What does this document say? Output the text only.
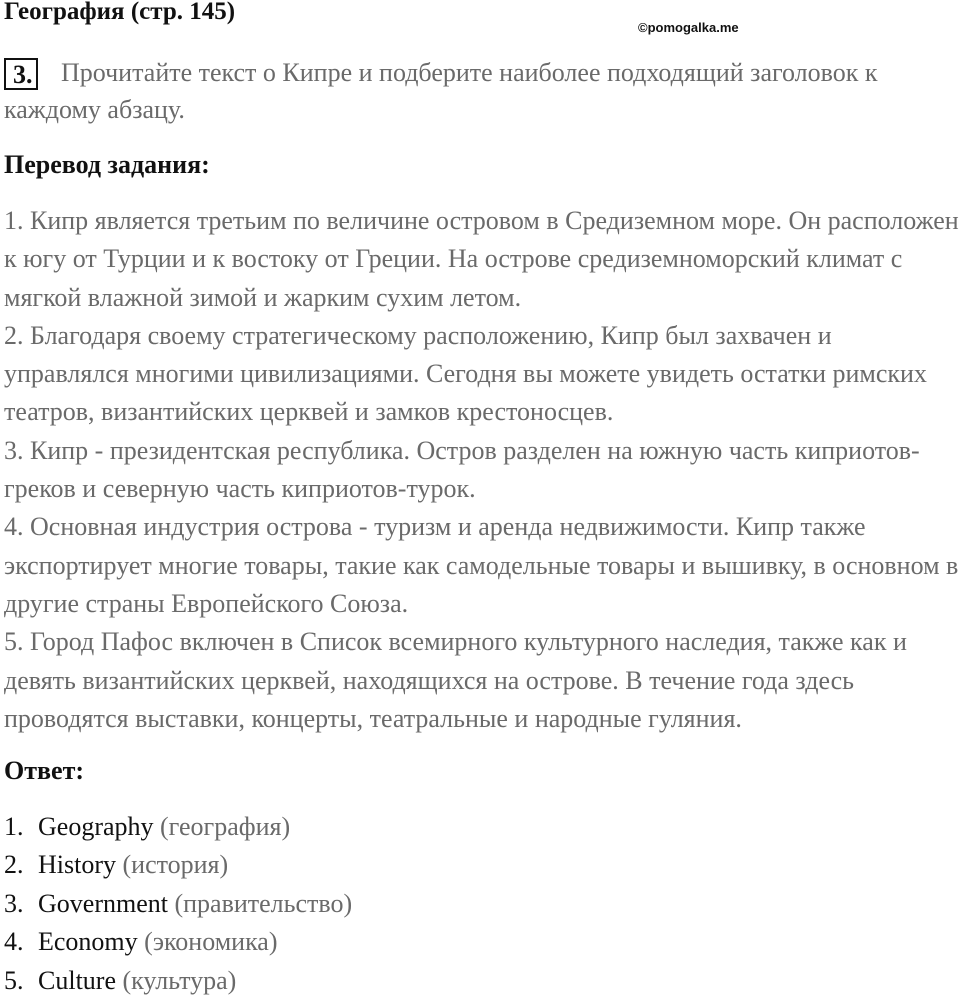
География (стр. 145)
©pomogalka.me
3.	Прочитайте текст о Кипре и подберите наиболее подходящий заголовок к каждому абзацу.

Перевод задания:

1. Кипр является третьим по величине островом в Средиземном море. Он расположен к югу от Турции и к востоку от Греции. На острове средиземноморский климат с мягкой влажной зимой и жарким сухим летом.

2. Благодаря своему стратегическому расположению, Кипр был захвачен и управлялся многими цивилизациями. Сегодня вы можете увидеть остатки римских театров, византийских церквей и замков крестоносцев.

3. Кипр - президентская республика. Остров разделен на южную часть киприотов-греков и северную часть киприотов-турок.

4. Основная индустрия острова - туризм и аренда недвижимости. Кипр также экспортирует многие товары, такие как самодельные товары и вышивку, в основном в другие страны Европейского Союза.

5. Город Пафос включен в Список всемирного культурного наследия, также как и девять византийских церквей, находящихся на острове. В течение года здесь проводятся выставки, концерты, театральные и народные гуляния.

Ответ:

1. Geography (география)

2. History (история)

3. Government (правительство)

4. Economy (экономика)

5. Culture (культура)
